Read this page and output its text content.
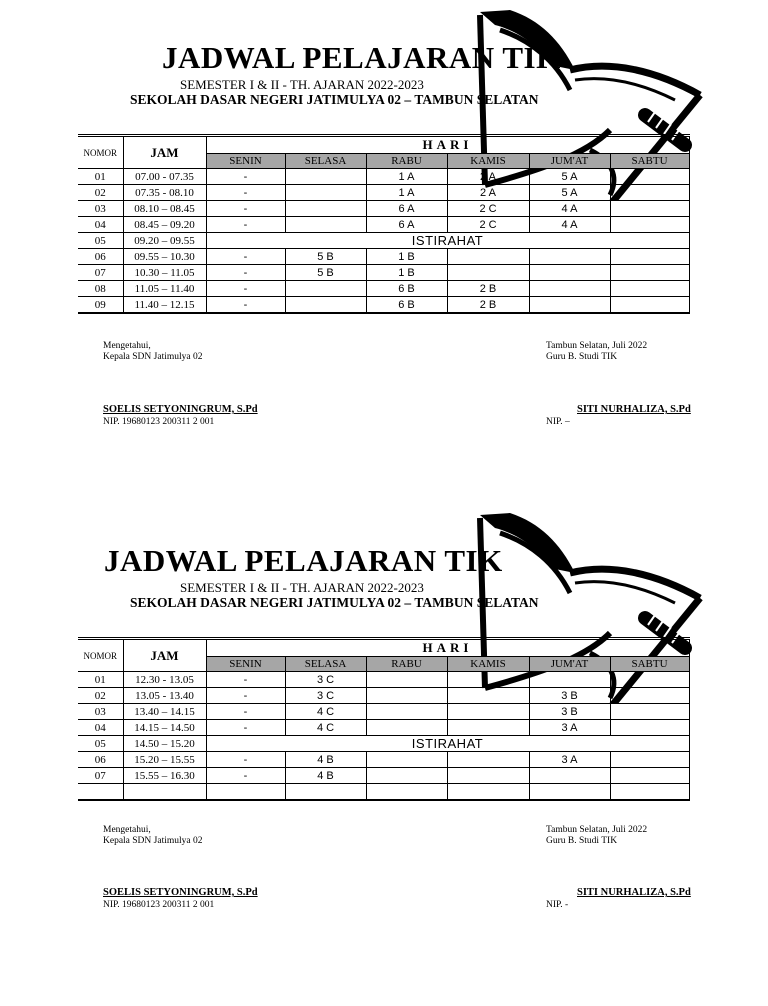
JADWAL PELAJARAN TIK
SEMESTER I & II - TH. AJARAN 2022-2023
SEKOLAH DASAR NEGERI JATIMULYA 02 – TAMBUN SELATAN
NOMOR	JAM	HARI					
		SENIN	SELASA	RABU	KAMIS	JUM'AT	SABTU
01	07.00 - 07.35	-		1 A	2 A	5 A	
02	07.35 - 08.10	-		1 A	2 A	5 A	
03	08.10 – 08.45	-		6 A	2 C	4 A	
04	08.45 – 09.20	-		6 A	2 C	4 A	
05	09.20 – 09.55	ISTIRAHAT					
06	09.55 – 10.30	-	5 B	1 B			
07	10.30 – 11.05	-	5 B	1 B			
08	11.05 – 11.40	-		6 B	2 B		
09	11.40 – 12.15	-		6 B	2 B		
Mengetahui,
Kepala SDN Jatimulya 02
SOELIS SETYONINGRUM, S.Pd
NIP. 19680123 200311 2 001
Tambun Selatan, Juli 2022
Guru B. Studi TIK
SITI NURHALIZA, S.Pd
NIP. –
JADWAL PELAJARAN TIK
SEMESTER I & II - TH. AJARAN 2022-2023
SEKOLAH DASAR NEGERI JATIMULYA 02 – TAMBUN SELATAN
NOMOR	JAM	HARI					
		SENIN	SELASA	RABU	KAMIS	JUM'AT	SABTU
01	12.30 - 13.05	-	3 C				
02	13.05 - 13.40	-	3 C			3 B	
03	13.40 – 14.15	-	4 C			3 B	
04	14.15 – 14.50	-	4 C			3 A	
05	14.50 – 15.20	ISTIRAHAT					
06	15.20 – 15.55	-	4 B			3 A	
07	15.55 – 16.30	-	4 B				

Mengetahui,
Kepala SDN Jatimulya 02
SOELIS SETYONINGRUM, S.Pd
NIP. 19680123 200311 2 001
Tambun Selatan, Juli 2022
Guru B. Studi TIK
SITI NURHALIZA, S.Pd
NIP. -
